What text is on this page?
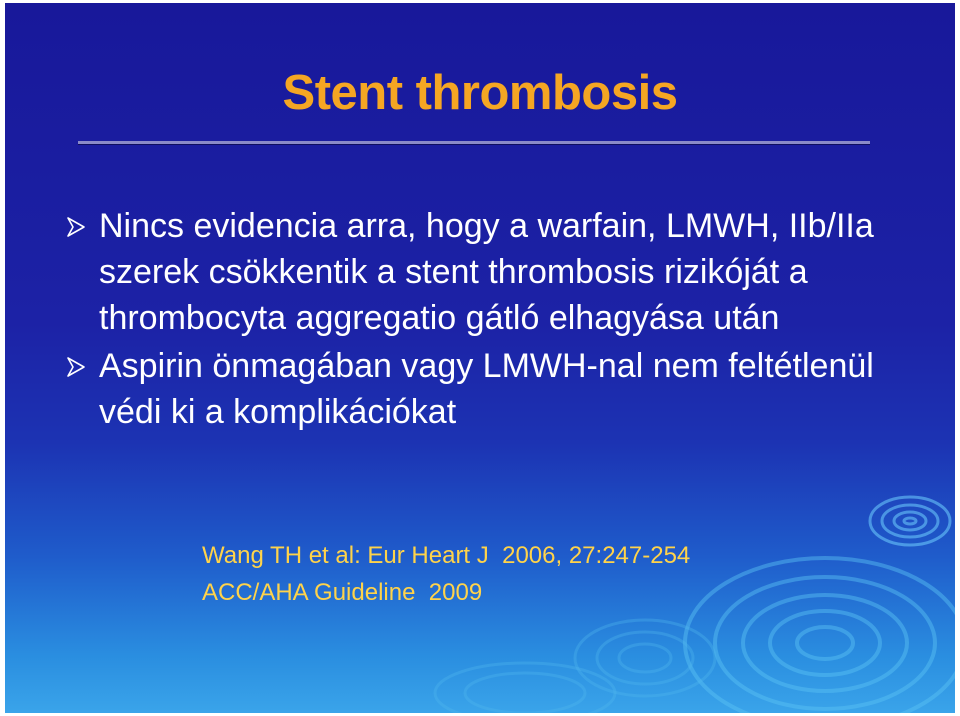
Stent thrombosis
Nincs evidencia arra, hogy a warfain, LMWH, IIb/IIa szerek csökkentik a stent thrombosis rizikóját a thrombocyta aggregatio gátló elhagyása után
Aspirin önmagában vagy LMWH-nal nem feltétlenül védi ki a komplikációkat
Wang TH et al: Eur Heart J  2006, 27:247-254
ACC/AHA Guideline  2009
